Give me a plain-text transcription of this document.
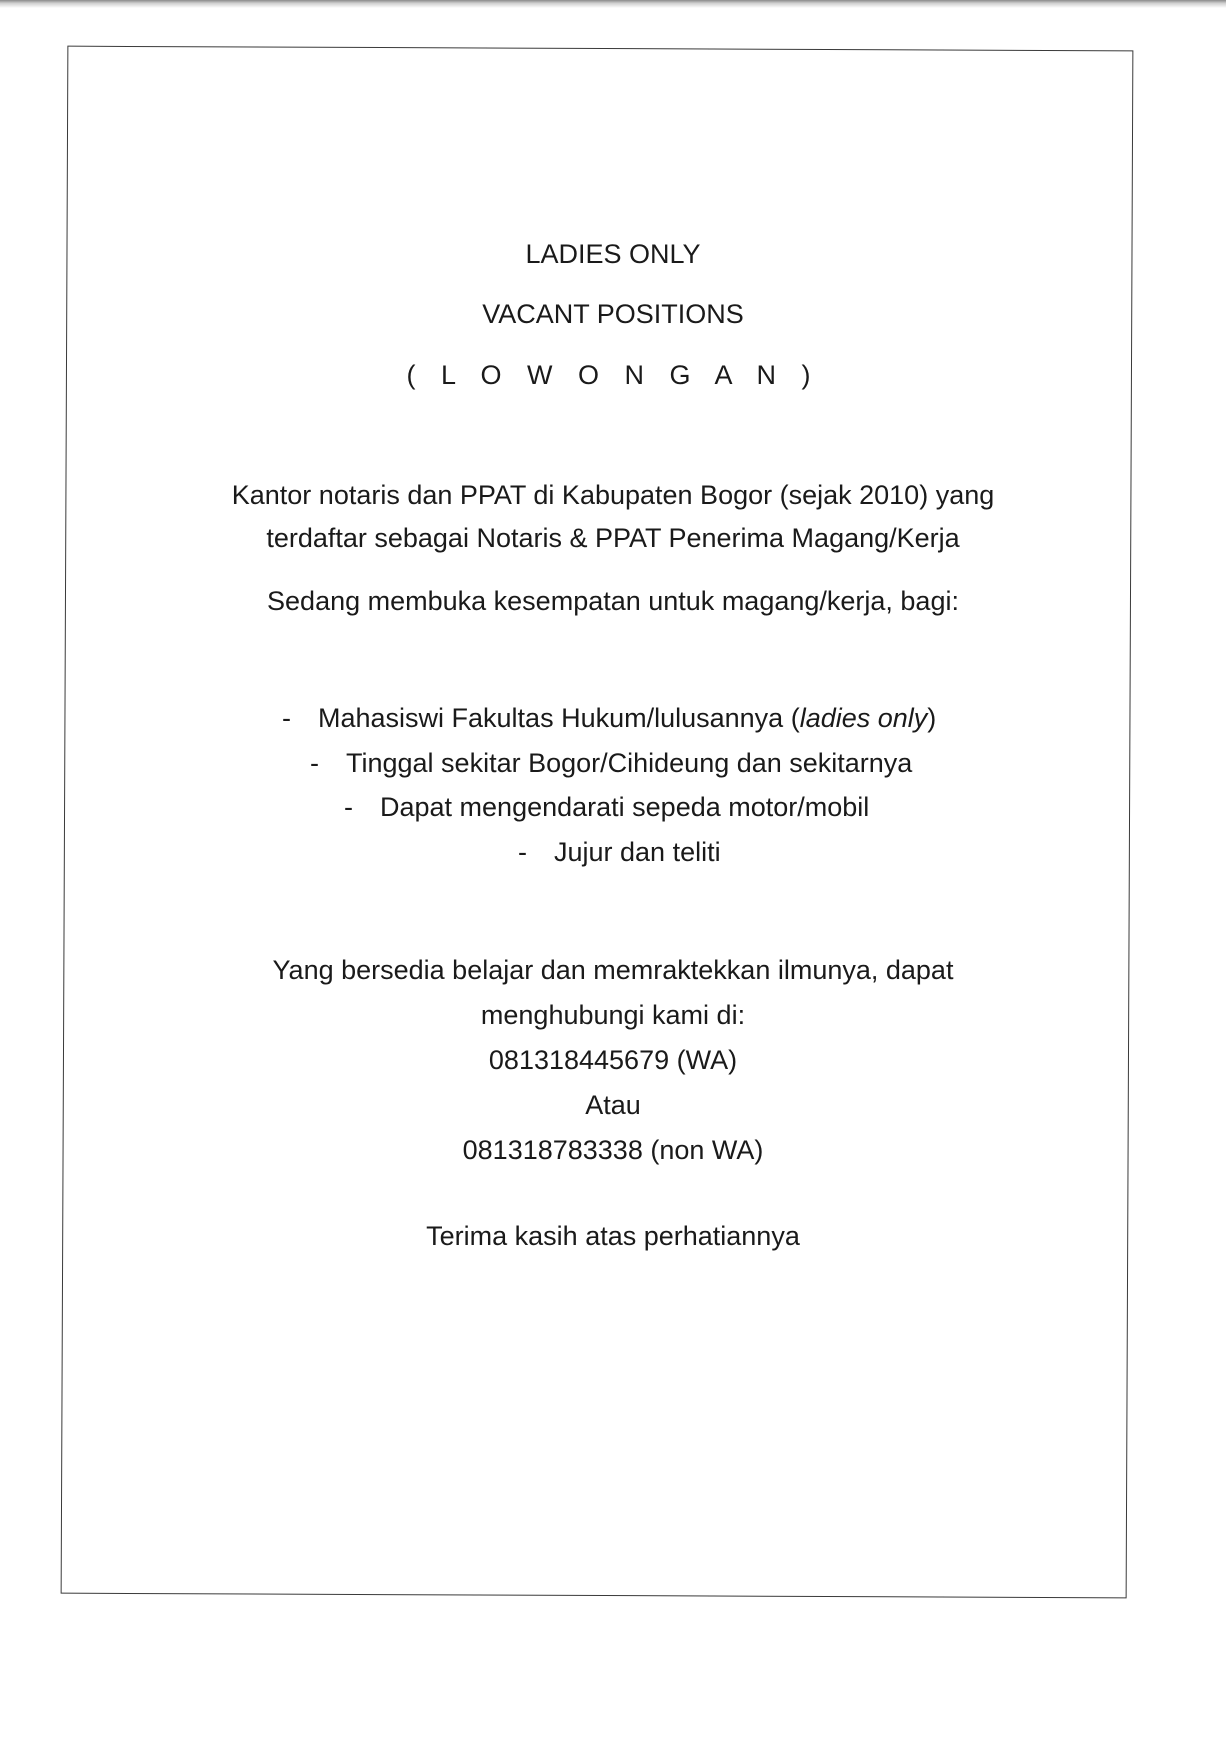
LADIES ONLY
VACANT POSITIONS
( L O W O N G A N )
Kantor notaris dan PPAT di Kabupaten Bogor (sejak 2010) yang
terdaftar sebagai Notaris & PPAT Penerima Magang/Kerja
Sedang membuka kesempatan untuk magang/kerja, bagi:
- Mahasiswi Fakultas Hukum/lulusannya (ladies only)
- Tinggal sekitar Bogor/Cihideung dan sekitarnya
- Dapat mengendarati sepeda motor/mobil
- Jujur dan teliti
Yang bersedia belajar dan memraktekkan ilmunya, dapat
menghubungi kami di:
081318445679 (WA)
Atau
081318783338 (non WA)
Terima kasih atas perhatiannya
